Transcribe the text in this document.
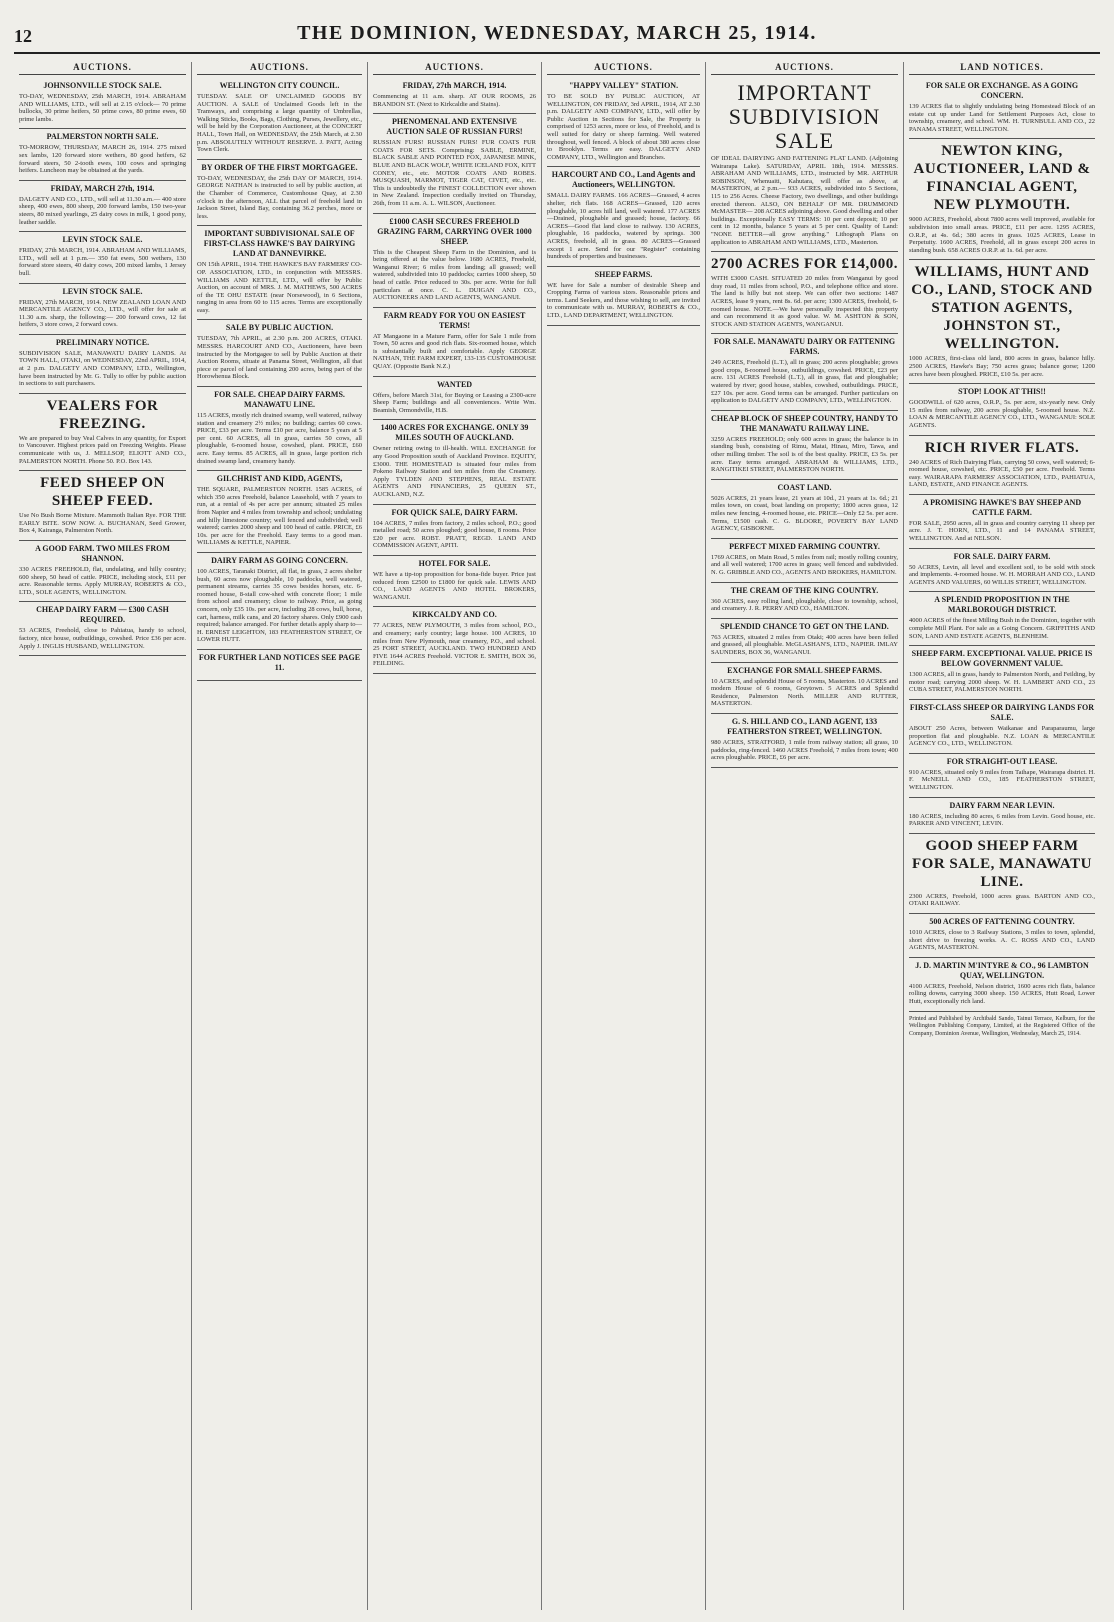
12	THE DOMINION, WEDNESDAY, MARCH 25, 1914.
AUCTIONS.
JOHNSONVILLE STOCK SALE.
TO-DAY, WEDNESDAY, 25th MARCH, 1914. ABRAHAM AND WILLIAMS, LTD., will sell at 2.15 o'clock— 70 prime bullocks, 30 prime heifers, 50 prime cows, 80 prime ewes, 60 prime lambs.
PALMERSTON NORTH SALE.
TO-MORROW, THURSDAY, MARCH 26, 1914. 275 mixed sex lambs, 120 forward store wethers, 80 good heifers, 62 forward steers, 50 2-tooth ewes, 100 cows and springing heifers. Luncheon may be obtained at the yards.
FRIDAY, MARCH 27th, 1914.
DALGETY AND CO., LTD., will sell at 11.30 a.m.— 400 store sheep, 400 ewes, 800 sheep, 200 forward lambs, 150 two-year steers, 80 mixed yearlings, 25 dairy cows in milk, 1 good pony, leather saddle.
LEVIN STOCK SALE.
FRIDAY, 27th MARCH, 1914. ABRAHAM AND WILLIAMS, LTD., will sell at 1 p.m.— 350 fat ewes, 500 wethers, 130 forward store steers, 40 dairy cows, 200 mixed lambs, 1 Jersey bull.
LEVIN STOCK SALE.
FRIDAY, 27th MARCH, 1914. NEW ZEALAND LOAN AND MERCANTILE AGENCY CO., LTD., will offer for sale at 11.30 a.m. sharp, the following:— 200 forward cows, 12 fat heifers, 3 store cows, 2 forward cows.
PRELIMINARY NOTICE.
SUBDIVISION SALE, MANAWATU DAIRY LANDS. At TOWN HALL, OTAKI, on WEDNESDAY, 22nd APRIL, 1914, at 2 p.m. DALGETY AND COMPANY, LTD., Wellington, have been instructed by Mr. G. Tully to offer by public auction in sections to suit purchasers.
VEALERS FOR FREEZING.
We are prepared to buy Veal Calves in any quantity, for Export to Vancouver. Highest prices paid on Freezing Weights. Please communicate with us, J. MELLSOP, ELIOTT AND CO., PALMERSTON NORTH. Phone 50. P.O. Box 143.
FEED SHEEP ON SHEEP FEED.
Use No Bush Borne Mixture. Mammoth Italian Rye. FOR THE EARLY BITE. SOW NOW. A. BUCHANAN, Seed Grower, Box 4, Kairanga, Palmerston North.
A GOOD FARM. TWO MILES FROM SHANNON.
330 ACRES FREEHOLD, flat, undulating, and hilly country; 600 sheep, 50 head of cattle. PRICE, including stock, £11 per acre. Reasonable terms. Apply MURRAY, ROBERTS & CO., LTD., SOLE AGENTS, WELLINGTON.
CHEAP DAIRY FARM — £300 CASH REQUIRED.
53 ACRES, Freehold, close to Pahiatua, handy to school, factory, nice house, outbuildings, cowshed. Price £36 per acre. Apply J. INGLIS HUSBAND, WELLINGTON.
AUCTIONS.
WELLINGTON CITY COUNCIL.
TUESDAY. SALE OF UNCLAIMED GOODS BY AUCTION. A SALE of Unclaimed Goods left in the Tramways, and comprising a large quantity of Umbrellas, Walking Sticks, Books, Bags, Clothing, Purses, Jewellery, etc., will be held by the Corporation Auctioneer, at the CONCERT HALL, Town Hall, on WEDNESDAY, the 25th March, at 2.30 p.m. ABSOLUTELY WITHOUT RESERVE. J. PATT, Acting Town Clerk.
BY ORDER OF THE FIRST MORTGAGEE.
TO-DAY, WEDNESDAY, the 25th DAY OF MARCH, 1914. GEORGE NATHAN is instructed to sell by public auction, at the Chamber of Commerce, Customhouse Quay, at 2.30 o'clock in the afternoon, ALL that parcel of freehold land in Jackson Street, Island Bay, containing 36.2 perches, more or less.
IMPORTANT SUBDIVISIONAL SALE OF FIRST-CLASS HAWKE'S BAY DAIRYING LAND AT DANNEVIRKE.
ON 15th APRIL, 1914. THE HAWKE'S BAY FARMERS' CO-OP. ASSOCIATION, LTD., in conjunction with MESSRS. WILLIAMS AND KETTLE, LTD., will offer by Public Auction, on account of MRS. J. M. MATHEWS, 500 ACRES of the TE OHU ESTATE (near Norsewood), in 6 Sections, ranging in area from 60 to 115 acres. Terms are exceptionally easy.
SALE BY PUBLIC AUCTION.
TUESDAY, 7th APRIL, at 2.30 p.m. 200 ACRES, OTAKI. MESSRS. HARCOURT AND CO., Auctioneers, have been instructed by the Mortgagee to sell by Public Auction at their Auction Rooms, situate at Panama Street, Wellington, all that piece or parcel of land containing 200 acres, being part of the Horowhenua Block.
FOR SALE. CHEAP DAIRY FARMS. MANAWATU LINE.
115 ACRES, mostly rich drained swamp, well watered, railway station and creamery 2½ miles; no building; carries 60 cows. PRICE, £33 per acre. Terms £10 per acre, balance 5 years at 5 per cent. 60 ACRES, all in grass, carries 50 cows, all ploughable, 6-roomed house, cowshed, plant. PRICE, £60 acre. Easy terms. 85 ACRES, all in grass, large portion rich drained swamp land, creamery handy.
GILCHRIST AND KIDD, AGENTS,
THE SQUARE, PALMERSTON NORTH. 1585 ACRES, of which 350 acres Freehold, balance Leasehold, with 7 years to run, at a rental of 4s per acre per annum; situated 25 miles from Napier and 4 miles from township and school; undulating and hilly limestone country; well fenced and subdivided; well watered; carries 2000 sheep and 100 head of cattle. PRICE, £6 10s. per acre for the Freehold. Easy terms to a good man. WILLIAMS & KETTLE, NAPIER.
DAIRY FARM AS GOING CONCERN.
100 ACRES, Taranaki District, all flat, in grass, 2 acres shelter bush, 60 acres now ploughable, 10 paddocks, well watered, permanent streams, carries 35 cows besides horses, etc. 6-roomed house, 8-stall cow-shed with concrete floor; 1 mile from school and creamery; close to railway. Price, as going concern, only £35 10s. per acre, including 28 cows, bull, horse, cart, harness, milk cans, and 20 factory shares. Only £900 cash required; balance arranged. For further details apply sharp to— H. ERNEST LEIGHTON, 183 FEATHERSTON STREET, Or LOWER HUTT.
FOR FURTHER LAND NOTICES SEE PAGE 11.
AUCTIONS.
FRIDAY, 27th MARCH, 1914.
Commencing at 11 a.m. sharp. AT OUR ROOMS, 26 BRANDON ST. (Next to Kirkcaldie and Stains).
PHENOMENAL AND EXTENSIVE AUCTION SALE OF RUSSIAN FURS!
RUSSIAN FURS! RUSSIAN FURS! FUR COATS FUR COATS FOR SETS. Comprising: SABLE, ERMINE, BLACK SABLE AND POINTED FOX, JAPANESE MINK, BLUE AND BLACK WOLF, WHITE ICELAND FOX, KITT CONEY, etc., etc. MOTOR COATS AND ROBES. MUSQUASH, MARMOT, TIGER CAT, CIVET, etc., etc. This is undoubtedly the FINEST COLLECTION ever shown in New Zealand. Inspection cordially invited on Thursday, 26th, from 11 a.m. A. L. WILSON, Auctioneer.
£1000 CASH SECURES FREEHOLD GRAZING FARM, CARRYING OVER 1000 SHEEP.
This is the Cheapest Sheep Farm in the Dominion, and is being offered at the value below. 1680 ACRES, Freehold, Wanganui River; 6 miles from landing; all grassed; well watered, subdivided into 10 paddocks; carries 1000 sheep, 50 head of cattle. Price reduced to 30s. per acre. Write for full particulars at once. C. L. DUIGAN AND CO., AUCTIONEERS AND LAND AGENTS, WANGANUI.
FARM READY FOR YOU ON EASIEST TERMS!
AT Mangaone in a Mature Farm, offer for Sale 1 mile from Town, 50 acres and good rich flats. Six-roomed house, which is substantially built and comfortable. Apply GEORGE NATHAN, THE FARM EXPERT, 133-135 CUSTOMHOUSE QUAY. (Opposite Bank N.Z.)
WANTED
Offers, before March 31st, for Buying or Leasing a 2300-acre Sheep Farm; buildings and all conveniences. Write Wm. Beamish, Ormondville, H.B.
1400 ACRES FOR EXCHANGE. ONLY 39 MILES SOUTH OF AUCKLAND.
Owner retiring owing to ill-health. WILL EXCHANGE for any Good Proposition south of Auckland Province. EQUITY, £3000. THE HOMESTEAD is situated four miles from Pokeno Railway Station and ten miles from the Creamery. Apply TYLDEN AND STEPHENS, REAL ESTATE AGENTS AND FINANCIERS, 25 QUEEN ST., AUCKLAND, N.Z.
FOR QUICK SALE, DAIRY FARM.
104 ACRES, 7 miles from factory, 2 miles school, P.O.; good metalled road; 50 acres ploughed; good house, 8 rooms. Price £20 per acre. ROBT. PRATT, REGD. LAND AND COMMISSION AGENT, APITI.
HOTEL FOR SALE.
WE have a tip-top proposition for bona-fide buyer. Price just reduced from £2500 to £1800 for quick sale. LEWIS AND CO., LAND AGENTS AND HOTEL BROKERS, WANGANUI.
KIRKCALDY AND CO.
77 ACRES, NEW PLYMOUTH, 3 miles from school, P.O., and creamery; early country; large house. 100 ACRES, 10 miles from New Plymouth, near creamery, P.O., and school. 25 FORT STREET, AUCKLAND. TWO HUNDRED AND FIVE 1644 ACRES Freehold. VICTOR E. SMITH, BOX 36, FEILDING.
AUCTIONS.
"HAPPY VALLEY" STATION.
TO BE SOLD BY PUBLIC AUCTION, AT WELLINGTON, ON FRIDAY, 3rd APRIL, 1914, AT 2.30 p.m. DALGETY AND COMPANY, LTD., will offer by Public Auction in Sections for Sale, the Property is comprised of 1253 acres, more or less, of Freehold, and is well suited for dairy or sheep farming. Well watered throughout, well fenced. A block of about 380 acres close to Brooklyn. Terms are easy. DALGETY AND COMPANY, LTD., Wellington and Branches.
HARCOURT AND CO., Land Agents and Auctioneers, WELLINGTON.
SMALL DAIRY FARMS. 166 ACRES—Grassed, 4 acres shelter, rich flats. 168 ACRES—Grassed, 120 acres ploughable, 10 acres hill land, well watered. 177 ACRES—Drained, ploughable and grassed; house, factory. 66 ACRES—Good flat land close to railway. 130 ACRES, ploughable, 16 paddocks, watered by springs. 300 ACRES, freehold, all in grass. 80 ACRES—Grassed except 1 acre. Send for our "Register" containing hundreds of properties and businesses.
SHEEP FARMS.
WE have for Sale a number of desirable Sheep and Cropping Farms of various sizes. Reasonable prices and terms. Land Seekers, and those wishing to sell, are invited to communicate with us. MURRAY, ROBERTS & CO., LTD., LAND DEPARTMENT, WELLINGTON.
AUCTIONS.
IMPORTANT SUBDIVISION SALE
OF IDEAL DAIRYING AND FATTENING FLAT LAND. (Adjoining Wairarapa Lake). SATURDAY, APRIL 18th, 1914. MESSRS. ABRAHAM AND WILLIAMS, LTD., instructed by MR. ARTHUR ROBINSON, Whenuaiti, Kahutara, will offer as above, at MASTERTON, at 2 p.m.— 933 ACRES, subdivided into 5 Sections, 115 to 256 Acres. Cheese Factory, two dwellings, and other buildings erected thereon. ALSO, ON BEHALF OF MR. DRUMMOND McMASTER— 208 ACRES adjoining above. Good dwelling and other buildings. Exceptionally EASY TERMS: 10 per cent deposit; 10 per cent in 12 months, balance 5 years at 5 per cent. Quality of Land: "NONE BETTER—all grow anything." Lithograph Plans on application to ABRAHAM AND WILLIAMS, LTD., Masterton.
2700 ACRES FOR £14,000.
WITH £3000 CASH. SITUATED 20 miles from Wanganui by good dray road, 11 miles from school, P.O., and telephone office and store. The land is hilly but not steep. We can offer two sections: 1487 ACRES, lease 9 years, rent 8s. 6d. per acre; 1300 ACRES, freehold, 6-roomed house. NOTE.—We have personally inspected this property and can recommend it as good value. W. M. ASHTON & SON, STOCK AND STATION AGENTS, WANGANUI.
FOR SALE. MANAWATU DAIRY OR FATTENING FARMS.
249 ACRES, Freehold (L.T.), all in grass; 200 acres ploughable; grows good crops, 8-roomed house, outbuildings, cowshed. PRICE, £23 per acre. 131 ACRES Freehold (L.T.), all in grass, flat and ploughable; watered by river; good house, stables, cowshed, outbuildings. PRICE, £27 10s. per acre. Good terms can be arranged. Further particulars on application to DALGETY AND COMPANY, LTD., WELLINGTON.
CHEAP BLOCK OF SHEEP COUNTRY, HANDY TO THE MANAWATU RAILWAY LINE.
3259 ACRES FREEHOLD; only 600 acres in grass; the balance is in standing bush, consisting of Rimu, Matai, Hinau, Miro, Tawa, and other milling timber. The soil is of the best quality. PRICE, £3 5s. per acre. Easy terms arranged. ABRAHAM & WILLIAMS, LTD., RANGITIKEI STREET, PALMERSTON NORTH.
COAST LAND.
5026 ACRES, 21 years lease, 21 years at 10d., 21 years at 1s. 6d.; 21 miles town, on coast, boat landing on property; 1800 acres grass, 12 miles new fencing, 4-roomed house, etc. PRICE—Only £2 5s. per acre. Terms, £1500 cash. C. G. BLOORE, POVERTY BAY LAND AGENCY, GISBORNE.
PERFECT MIXED FARMING COUNTRY.
1769 ACRES, on Main Road, 5 miles from rail; mostly rolling country, and all well watered; 1700 acres in grass; well fenced and subdivided. N. G. GRIBBLE AND CO., AGENTS AND BROKERS, HAMILTON.
THE CREAM OF THE KING COUNTRY.
360 ACRES, easy rolling land, ploughable, close to township, school, and creamery. J. R. PERRY AND CO., HAMILTON.
SPLENDID CHANCE TO GET ON THE LAND.
763 ACRES, situated 2 miles from Otaki; 400 acres have been felled and grassed, all ploughable. McGLASHAN'S, LTD., NAPIER. IMLAY SAUNDERS, BOX 36, WANGANUI.
EXCHANGE FOR SMALL SHEEP FARMS.
10 ACRES, and splendid House of 5 rooms, Masterton. 10 ACRES and modern House of 6 rooms, Greytown. 5 ACRES and Splendid Residence, Palmerston North. MILLER AND RUTTER, MASTERTON.
G. S. HILL AND CO., LAND AGENT, 133 FEATHERSTON STREET, WELLINGTON.
980 ACRES, STRATFORD, 1 mile from railway station; all grass, 10 paddocks, ring-fenced. 1460 ACRES Freehold, 7 miles from town; 400 acres ploughable. PRICE, £6 per acre.
LAND NOTICES.
FOR SALE OR EXCHANGE. AS A GOING CONCERN.
139 ACRES flat to slightly undulating being Homestead Block of an estate cut up under Land for Settlement Purposes Act, close to township, creamery, and school. WM. H. TURNBULL AND CO., 22 PANAMA STREET, WELLINGTON.
NEWTON KING, AUCTIONEER, LAND & FINANCIAL AGENT, NEW PLYMOUTH.
9000 ACRES, Freehold, about 7800 acres well improved, available for subdivision into small areas. PRICE, £11 per acre. 1295 ACRES, O.R.P., at 4s. 6d.; 380 acres in grass. 1025 ACRES, Lease in Perpetuity. 1600 ACRES, Freehold, all in grass except 200 acres in standing bush. 658 ACRES O.R.P. at 1s. 6d. per acre.
WILLIAMS, HUNT AND CO., LAND, STOCK AND STATION AGENTS, JOHNSTON ST., WELLINGTON.
1000 ACRES, first-class old land, 800 acres in grass, balance hilly. 2500 ACRES, Hawke's Bay; 750 acres grass; balance gorse; 1200 acres have been ploughed. PRICE, £10 5s. per acre.
STOP! LOOK AT THIS!!
GOODWILL of 620 acres, O.R.P., 5s. per acre, six-yearly new. Only 15 miles from railway, 200 acres ploughable, 5-roomed house. N.Z. LOAN & MERCANTILE AGENCY CO., LTD., WANGANUI: SOLE AGENTS.
RICH RIVER FLATS.
240 ACRES of Rich Dairying Flats, carrying 50 cows, well watered; 6-roomed house, cowshed, etc. PRICE, £50 per acre. Freehold. Terms easy. WAIRARAPA FARMERS' ASSOCIATION, LTD., PAHIATUA, LAND, ESTATE, AND FINANCE AGENTS.
A PROMISING HAWKE'S BAY SHEEP AND CATTLE FARM.
FOR SALE, 2950 acres, all in grass and country carrying 11 sheep per acre. J. T. HORN, LTD., 11 and 14 PANAMA STREET, WELLINGTON. And at NELSON.
FOR SALE. DAIRY FARM.
50 ACRES, Levin, all level and excellent soil, to be sold with stock and implements. 4-roomed house. W. H. MORRAH AND CO., LAND AGENTS AND VALUERS, 60 WILLIS STREET, WELLINGTON.
A SPLENDID PROPOSITION IN THE MARLBOROUGH DISTRICT.
4000 ACRES of the finest Milling Bush in the Dominion, together with complete Mill Plant. For sale as a Going Concern. GRIFFITHS AND SON, LAND AND ESTATE AGENTS, BLENHEIM.
SHEEP FARM. EXCEPTIONAL VALUE. PRICE IS BELOW GOVERNMENT VALUE.
1300 ACRES, all in grass, handy to Palmerston North, and Feilding, by motor road; carrying 2000 sheep. W. H. LAMBERT AND CO., 23 CUBA STREET, PALMERSTON NORTH.
FIRST-CLASS SHEEP OR DAIRYING LANDS FOR SALE.
ABOUT 250 Acres, between Waikanae and Paraparaumu, large proportion flat and ploughable. N.Z. LOAN & MERCANTILE AGENCY CO., LTD., WELLINGTON.
FOR STRAIGHT-OUT LEASE.
910 ACRES, situated only 9 miles from Taihape, Wairarapa district. H. F. McNEILL AND CO., 185 FEATHERSTON STREET, WELLINGTON.
DAIRY FARM NEAR LEVIN.
180 ACRES, including 80 acres, 6 miles from Levin. Good house, etc. PARKER AND VINCENT, LEVIN.
GOOD SHEEP FARM FOR SALE, MANAWATU LINE.
2300 ACRES, Freehold, 1000 acres grass. BARTON AND CO., OTAKI RAILWAY.
500 ACRES OF FATTENING COUNTRY.
1010 ACRES, close to 3 Railway Stations, 3 miles to town, splendid, short drive to freezing works. A. C. ROSS AND CO., LAND AGENTS, MASTERTON.
J. D. MARTIN M'INTYRE & CO., 96 LAMBTON QUAY, WELLINGTON.
4100 ACRES, Freehold, Nelson district, 1600 acres rich flats, balance rolling downs, carrying 3000 sheep. 150 ACRES, Hutt Road, Lower Hutt, exceptionally rich land.
Printed and Published by Archibald Sando, Tainui Terrace, Kelburn, for the Wellington Publishing Company, Limited, at the Registered Office of the Company, Dominion Avenue, Wellington, Wednesday, March 25, 1914.
